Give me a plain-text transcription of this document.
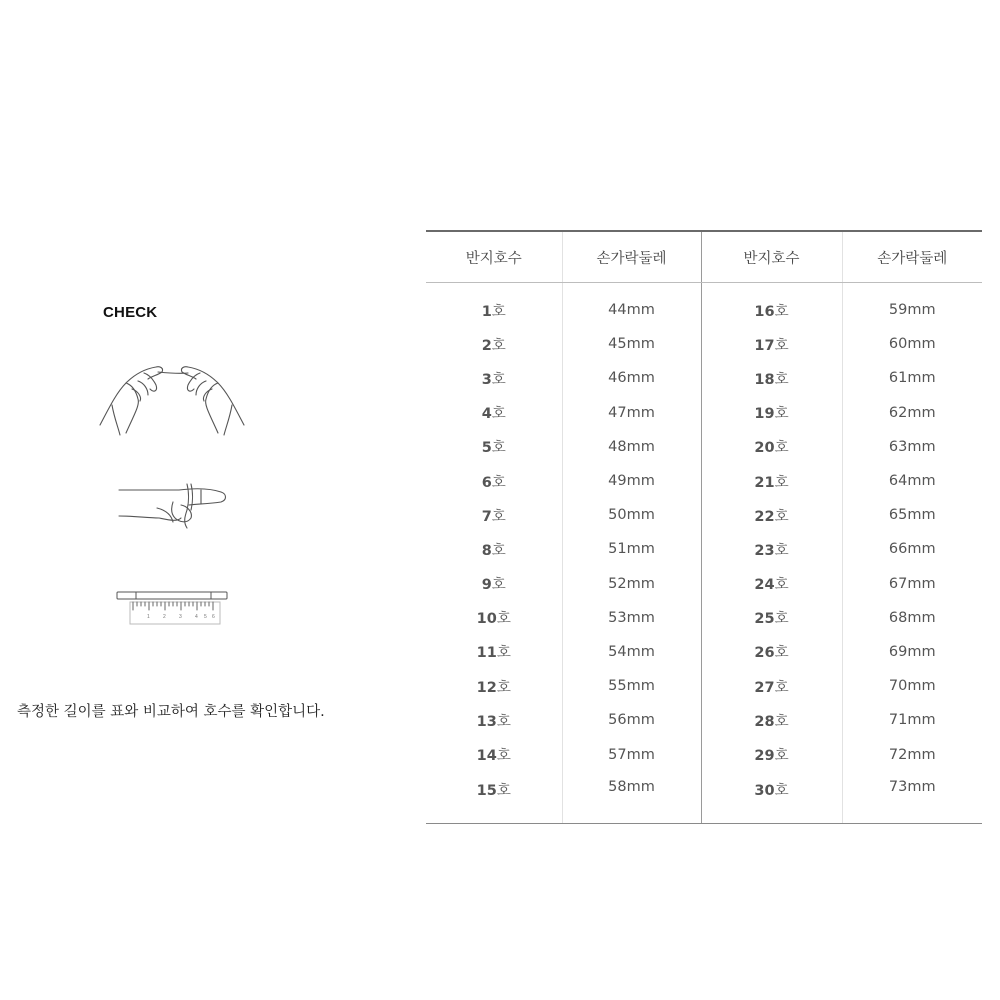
CHECK
1	2	3	4 5 6
측정한 길이를 표와 비교하여 호수를 확인합니다.
반지호수	손가락둘레	반지호수	손가락둘레
1호	44mm	16호	59mm
2호	45mm	17호	60mm
3호	46mm	18호	61mm
4호	47mm	19호	62mm
5호	48mm	20호	63mm
6호	49mm	21호	64mm
7호	50mm	22호	65mm
8호	51mm	23호	66mm
9호	52mm	24호	67mm
10호	53mm	25호	68mm
11호	54mm	26호	69mm
12호	55mm	27호	70mm
13호	56mm	28호	71mm
14호	57mm	29호	72mm
15호	58mm	30호	73mm
